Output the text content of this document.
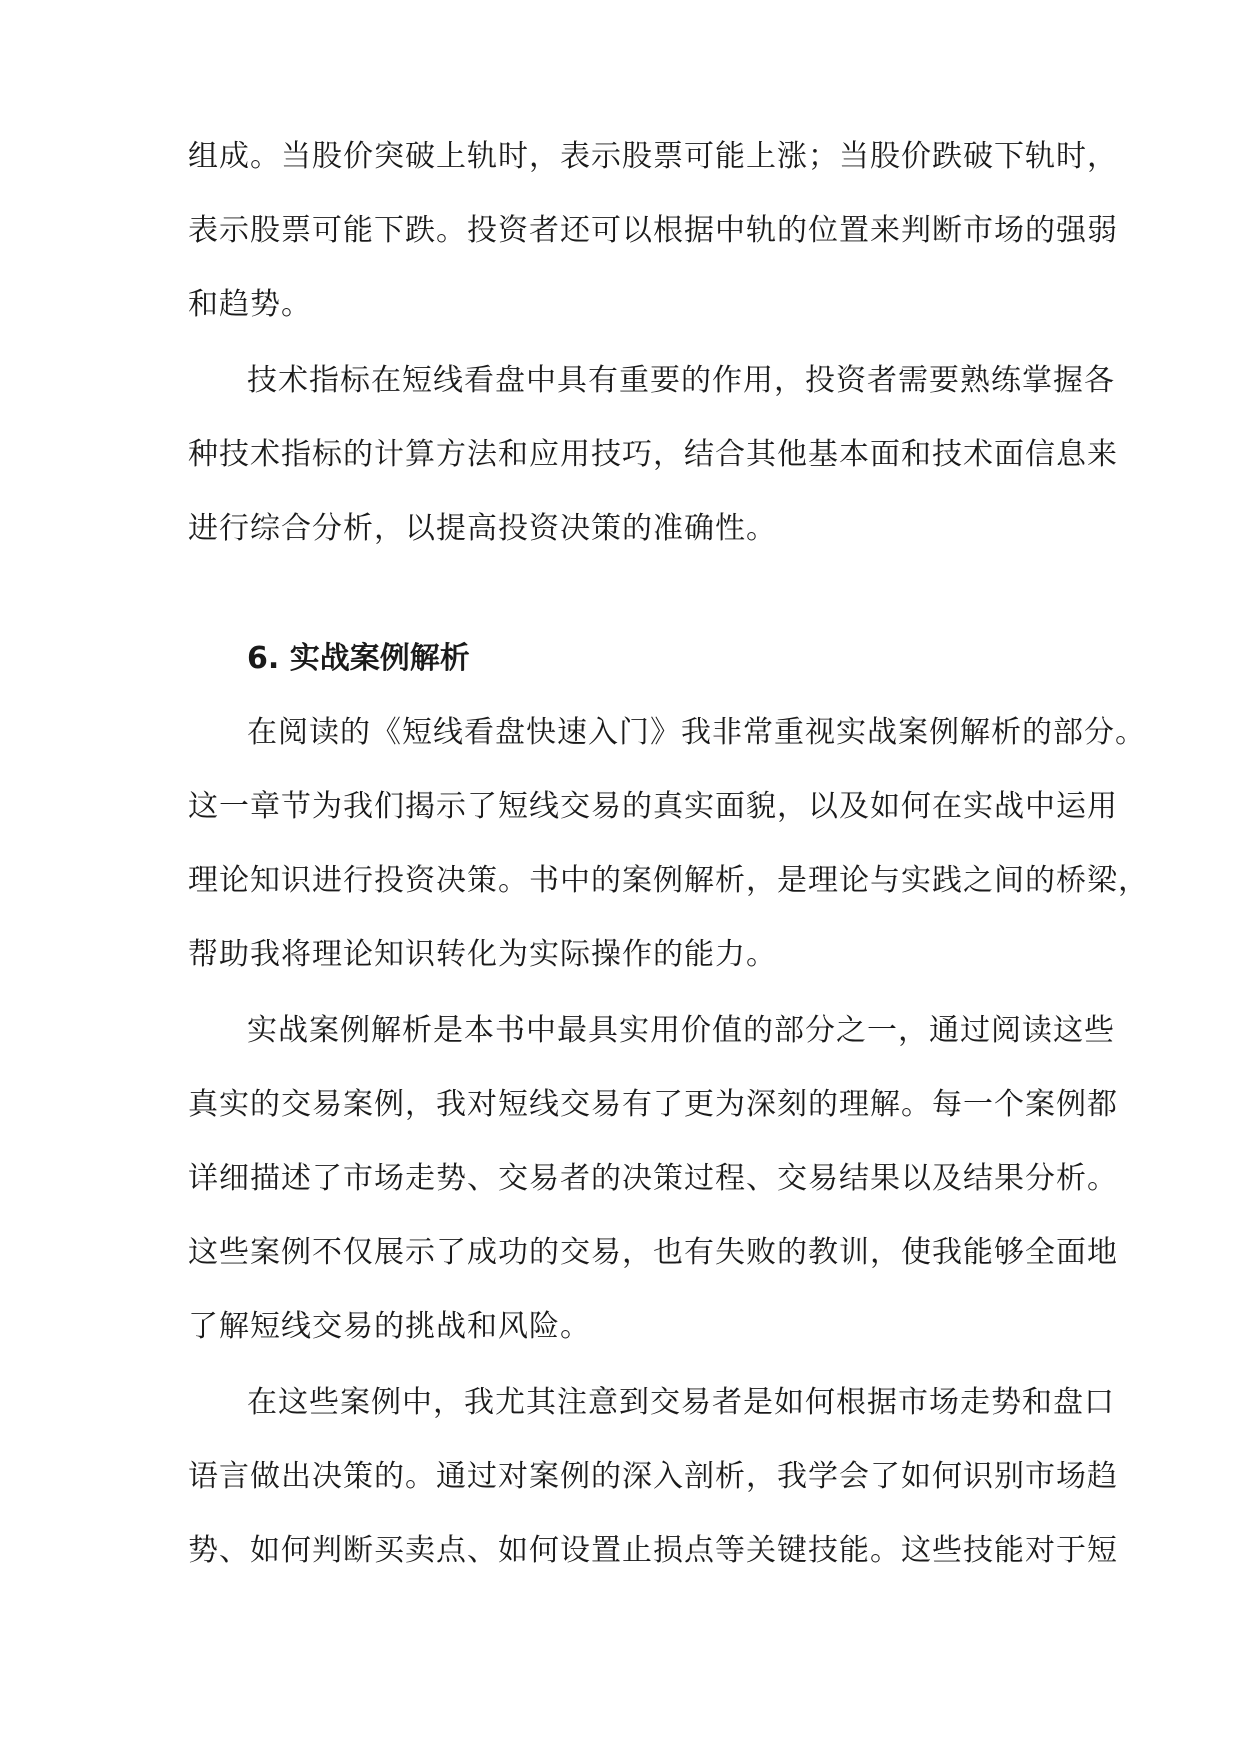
组成。当股价突破上轨时，表示股票可能上涨；当股价跌破下轨时，
表示股票可能下跌。投资者还可以根据中轨的位置来判断市场的强弱
和趋势。
技术指标在短线看盘中具有重要的作用，投资者需要熟练掌握各
种技术指标的计算方法和应用技巧，结合其他基本面和技术面信息来
进行综合分析，以提高投资决策的准确性。
6. 实战案例解析
在阅读的《短线看盘快速入门》我非常重视实战案例解析的部分。
这一章节为我们揭示了短线交易的真实面貌，以及如何在实战中运用
理论知识进行投资决策。书中的案例解析，是理论与实践之间的桥梁，
帮助我将理论知识转化为实际操作的能力。
实战案例解析是本书中最具实用价值的部分之一，通过阅读这些
真实的交易案例，我对短线交易有了更为深刻的理解。每一个案例都
详细描述了市场走势、交易者的决策过程、交易结果以及结果分析。
这些案例不仅展示了成功的交易，也有失败的教训，使我能够全面地
了解短线交易的挑战和风险。
在这些案例中，我尤其注意到交易者是如何根据市场走势和盘口
语言做出决策的。通过对案例的深入剖析，我学会了如何识别市场趋
势、如何判断买卖点、如何设置止损点等关键技能。这些技能对于短
